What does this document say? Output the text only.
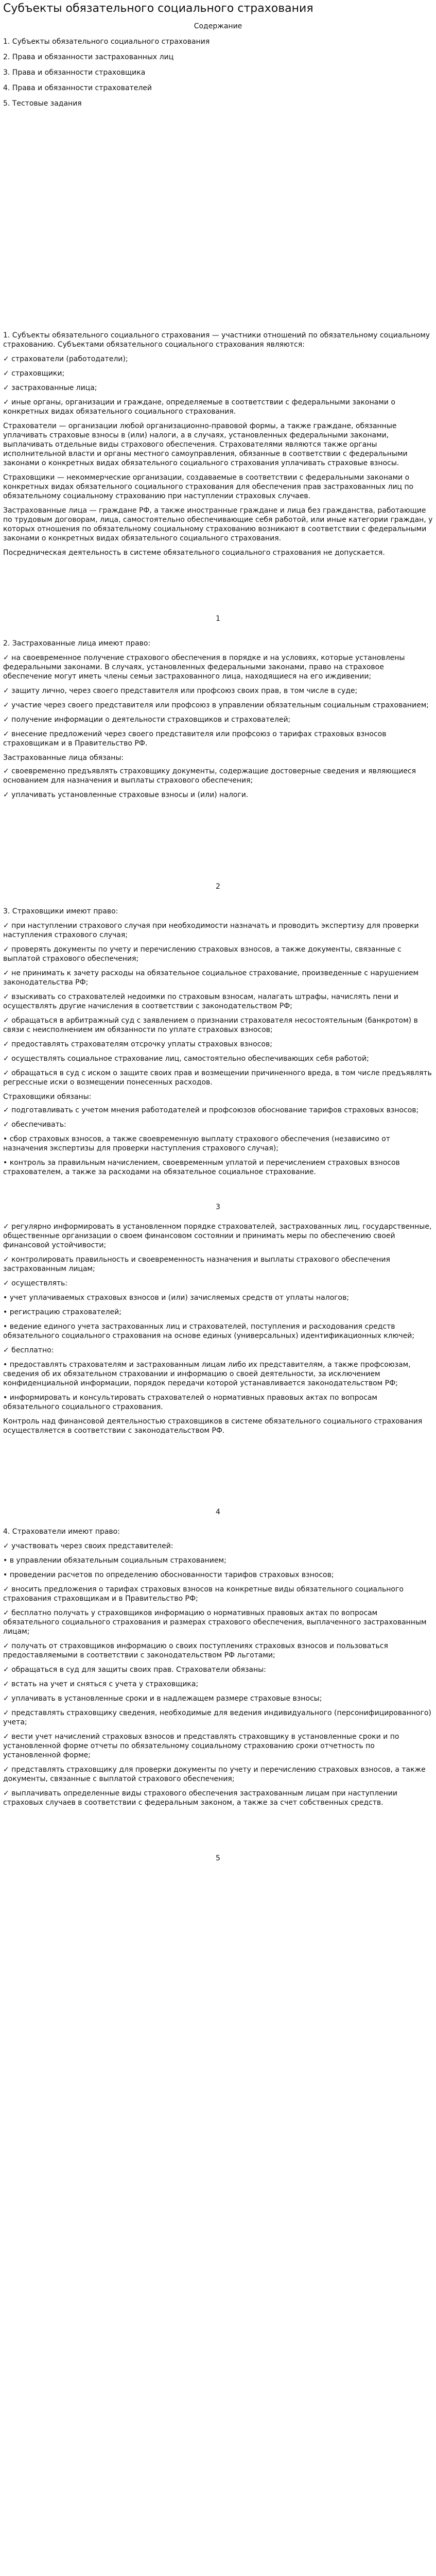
Субъекты обязательного социального страхования
Содержание
1. Субъекты обязательного социального страхования
2. Права и обязанности застрахованных лиц
3. Права и обязанности страховщика
4. Права и обязанности страхователей
5. Тестовые задания

1. Субъекты обязательного социального страхования — участники отношений по обязательному социальному страхованию. Субъектами обязательного социального страхования являются:

✓ страхователи (работодатели);

✓ страховщики;

✓ застрахованные лица;

✓ иные органы, организации и граждане, определяемые в соответствии с федеральными законами о конкретных видах обязательного социального страхования.

Страхователи — организации любой организационно-правовой формы, а также граждане, обязанные уплачивать страховые взносы в (или) налоги, а в случаях, установленных федеральными законами, выплачивать отдельные виды страхового обеспечения. Страхователями являются также органы исполнительной власти и органы местного самоуправления, обязанные в соответствии с федеральными законами о конкретных видах обязательного социального страхования уплачивать страховые взносы.

Страховщики — некоммерческие организации, создаваемые в соответствии с федеральными законами о конкретных видах обязательного социального страхования для обеспечения прав застрахованных лиц по обязательному социальному страхованию при наступлении страховых случаев.

Застрахованные лица — граждане РФ, а также иностранные граждане и лица без гражданства, работающие по трудовым договорам, лица, самостоятельно обеспечивающие себя работой, или иные категории граждан, у которых отношения по обязательному социальному страхованию возникают в соответствии с федеральными законами о конкретных видах обязательного социального страхования.

Посредническая деятельность в системе обязательного социального страхования не допускается.

1

2. Застрахованные лица имеют право:

✓ на своевременное получение страхового обеспечения в порядке и на условиях, которые установлены федеральными законами. В случаях, установленных федеральными законами, право на страховое обеспечение могут иметь члены семьи застрахованного лица, находящиеся на его иждивении;

✓ защиту лично, через своего представителя или профсоюз своих прав, в том числе в суде;

✓ участие через своего представителя или профсоюз в управлении обязательным социальным страхованием;

✓ получение информации о деятельности страховщиков и страхователей;

✓ внесение предложений через своего представителя или профсоюз о тарифах страховых взносов страховщикам и в Правительство РФ.

Застрахованные лица обязаны:

✓ своевременно предъявлять страховщику документы, содержащие достоверные сведения и являющиеся основанием для назначения и выплаты страхового обеспечения;

✓ уплачивать установленные страховые взносы и (или) налоги.

2

3. Страховщики имеют право:

✓ при наступлении страхового случая при необходимости назначать и проводить экспертизу для проверки наступления страхового случая;

✓ проверять документы по учету и перечислению страховых взносов, а также документы, связанные с выплатой страхового обеспечения;

✓ не принимать к зачету расходы на обязательное социальное страхование, произведенные с нарушением законодательства РФ;

✓ взыскивать со страхователей недоимки по страховым взносам, налагать штрафы, начислять пени и осуществлять другие начисления в соответствии с законодательством РФ;

✓ обращаться в арбитражный суд с заявлением о признании страхователя несостоятельным (банкротом) в связи с неисполнением им обязанности по уплате страховых взносов;

✓ предоставлять страхователям отсрочку уплаты страховых взносов;

✓ осуществлять социальное страхование лиц, самостоятельно обеспечивающих себя работой;

✓ обращаться в суд с иском о защите своих прав и возмещении причиненного вреда, в том числе предъявлять регрессные иски о возмещении понесенных расходов.

Страховщики обязаны:

✓ подготавливать с учетом мнения работодателей и профсоюзов обоснование тарифов страховых взносов;

✓ обеспечивать:

• сбор страховых взносов, а также своевременную выплату страхового обеспечения (независимо от назначения экспертизы для проверки наступления страхового случая);

• контроль за правильным начислением, своевременным уплатой и перечислением страховых взносов страхователем, а также за расходами на обязательное социальное страхование.

3

✓ регулярно информировать в установленном порядке страхователей, застрахованных лиц, государственные, общественные организации о своем финансовом состоянии и принимать меры по обеспечению своей финансовой устойчивости;

✓ контролировать правильность и своевременность назначения и выплаты страхового обеспечения застрахованным лицам;

✓ осуществлять:

• учет уплачиваемых страховых взносов и (или) зачисляемых средств от уплаты налогов;

• регистрацию страхователей;

• ведение единого учета застрахованных лиц и страхователей, поступления и расходования средств обязательного социального страхования на основе единых (универсальных) идентификационных ключей;

✓ бесплатно:

• предоставлять страхователям и застрахованным лицам либо их представителям, а также профсоюзам, сведения об их обязательном страховании и информацию о своей деятельности, за исключением конфиденциальной информации, порядок передачи которой устанавливается законодательством РФ;

• информировать и консультировать страхователей о нормативных правовых актах по вопросам обязательного социального страхования.

Контроль над финансовой деятельностью страховщиков в системе обязательного социального страхования осуществляется в соответствии с законодательством РФ.

4

4. Страхователи имеют право:

✓ участвовать через своих представителей:

• в управлении обязательным социальным страхованием;

• проведении расчетов по определению обоснованности тарифов страховых взносов;

✓ вносить предложения о тарифах страховых взносов на конкретные виды обязательного социального страхования страховщикам и в Правительство РФ;

✓ бесплатно получать у страховщиков информацию о нормативных правовых актах по вопросам обязательного социального страхования и размерах страхового обеспечения, выплаченного застрахованным лицам;

✓ получать от страховщиков информацию о своих поступлениях страховых взносов и пользоваться предоставляемыми в соответствии с законодательством РФ льготами;

✓ обращаться в суд для защиты своих прав. Страхователи обязаны:

✓ встать на учет и сняться с учета у страховщика;

✓ уплачивать в установленные сроки и в надлежащем размере страховые взносы;

✓ представлять страховщику сведения, необходимые для ведения индивидуального (персонифицированного) учета;

✓ вести учет начислений страховых взносов и представлять страховщику в установленные сроки и по установленной форме отчеты по обязательному социальному страхованию сроки отчетность по установленной форме;

✓ представлять страховщику для проверки документы по учету и перечислению страховых взносов, а также документы, связанные с выплатой страхового обеспечения;

✓ выплачивать определенные виды страхового обеспечения застрахованным лицам при наступлении страховых случаев в соответствии с федеральным законом, а также за счет собственных средств.

5
